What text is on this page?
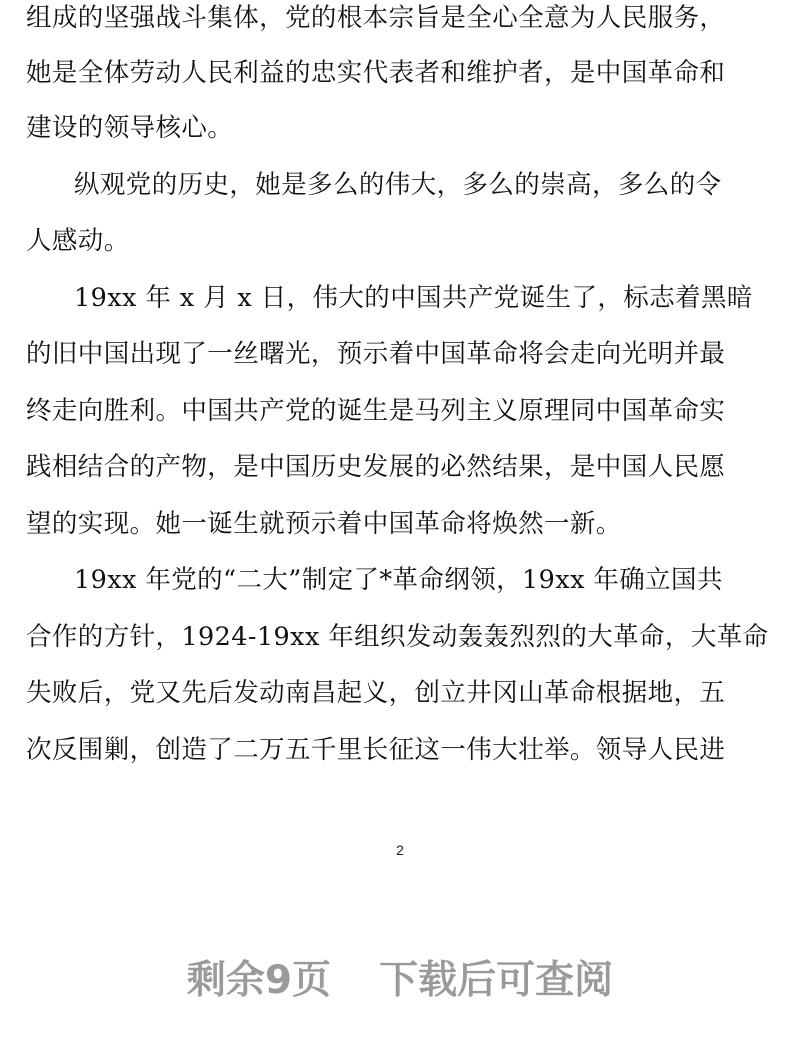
组成的坚强战斗集体，党的根本宗旨是全心全意为人民服务，
她是全体劳动人民利益的忠实代表者和维护者，是中国革命和
建设的领导核心。
纵观党的历史，她是多么的伟大，多么的崇高，多么的令
人感动。
19xx 年 x 月 x 日，伟大的中国共产党诞生了，标志着黑暗
的旧中国出现了一丝曙光，预示着中国革命将会走向光明并最
终走向胜利。中国共产党的诞生是马列主义原理同中国革命实
践相结合的产物，是中国历史发展的必然结果，是中国人民愿
望的实现。她一诞生就预示着中国革命将焕然一新。
19xx 年党的“二大”制定了*革命纲领，19xx 年确立国共
合作的方针，1924-19xx 年组织发动轰轰烈烈的大革命，大革命
失败后，党又先后发动南昌起义，创立井冈山革命根据地，五
次反围剿，创造了二万五千里长征这一伟大壮举。领导人民进
2
剩余9页 下载后可查阅
